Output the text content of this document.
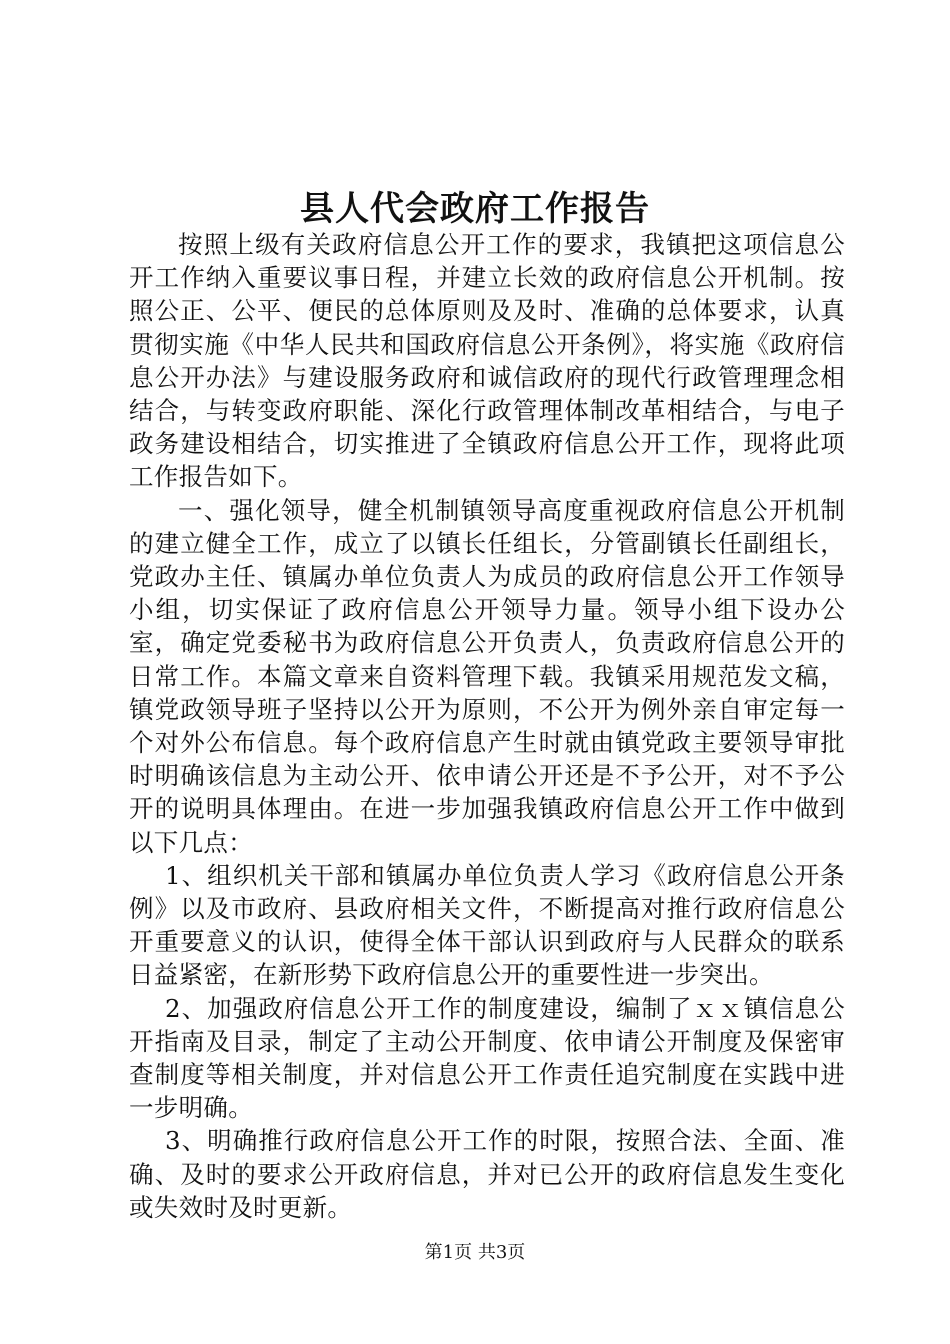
县人代会政府工作报告

按照上级有关政府信息公开工作的要求，我镇把这项信息公开工作纳入重要议事日程，并建立长效的政府信息公开机制。按照公正、公平、便民的总体原则及及时、准确的总体要求，认真贯彻实施《中华人民共和国政府信息公开条例》，将实施《政府信息公开办法》与建设服务政府和诚信政府的现代行政管理理念相结合，与转变政府职能、深化行政管理体制改革相结合，与电子政务建设相结合，切实推进了全镇政府信息公开工作，现将此项工作报告如下。

一、强化领导，健全机制镇领导高度重视政府信息公开机制的建立健全工作，成立了以镇长任组长，分管副镇长任副组长，党政办主任、镇属办单位负责人为成员的政府信息公开工作领导小组，切实保证了政府信息公开领导力量。领导小组下设办公室，确定党委秘书为政府信息公开负责人，负责政府信息公开的日常工作。本篇文章来自资料管理下载。我镇采用规范发文稿，镇党政领导班子坚持以公开为原则，不公开为例外亲自审定每一个对外公布信息。每个政府信息产生时就由镇党政主要领导审批时明确该信息为主动公开、依申请公开还是不予公开，对不予公开的说明具体理由。在进一步加强我镇政府信息公开工作中做到以下几点：

1、组织机关干部和镇属办单位负责人学习《政府信息公开条例》以及市政府、县政府相关文件，不断提高对推行政府信息公开重要意义的认识，使得全体干部认识到政府与人民群众的联系日益紧密，在新形势下政府信息公开的重要性进一步突出。

2、加强政府信息公开工作的制度建设，编制了ｘｘ镇信息公开指南及目录，制定了主动公开制度、依申请公开制度及保密审查制度等相关制度，并对信息公开工作责任追究制度在实践中进一步明确。

3、明确推行政府信息公开工作的时限，按照合法、全面、准确、及时的要求公开政府信息，并对已公开的政府信息发生变化或失效时及时更新。

第1页 共3页
